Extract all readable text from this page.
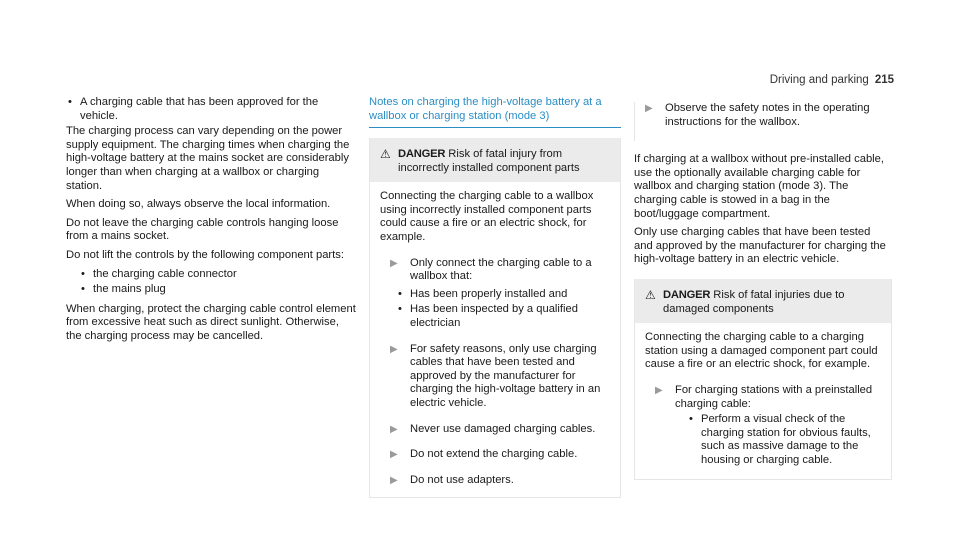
Driving and parking 215
• A charging cable that has been approved for the vehicle.

The charging process can vary depending on the power supply equipment. The charging times when charging the high-voltage battery at the mains socket are considerably longer than when charging at a wallbox or charging station.

When doing so, always observe the local information.

Do not leave the charging cable controls hanging loose from a mains socket.

Do not lift the controls by the following component parts:

• the charging cable connector
• the mains plug

When charging, protect the charging cable control element from excessive heat such as direct sunlight. Otherwise, the charging process may be cancelled.

Notes on charging the high-voltage battery at a wallbox or charging station (mode 3)
⚠ DANGER Risk of fatal injury from incorrectly installed component parts

Connecting the charging cable to a wallbox using incorrectly installed component parts could cause a fire or an electric shock, for example.

▶ Only connect the charging cable to a wallbox that:
• Has been properly installed and
• Has been inspected by a qualified electrician
▶ For safety reasons, only use charging cables that have been tested and approved by the manufacturer for charging the high-voltage battery in an electric vehicle.
▶ Never use damaged charging cables.
▶ Do not extend the charging cable.
▶ Do not use adapters.
▶ Observe the safety notes in the operating instructions for the wallbox.

If charging at a wallbox without pre-installed cable, use the optionally available charging cable for wallbox and charging station (mode 3). The charging cable is stowed in a bag in the boot/luggage compartment.

Only use charging cables that have been tested and approved by the manufacturer for charging the high-voltage battery in an electric vehicle.

⚠ DANGER Risk of fatal injuries due to damaged components

Connecting the charging cable to a charging station using a damaged component part could cause a fire or an electric shock, for example.

▶ For charging stations with a preinstalled charging cable:
• Perform a visual check of the charging station for obvious faults, such as massive damage to the housing or charging cable.
